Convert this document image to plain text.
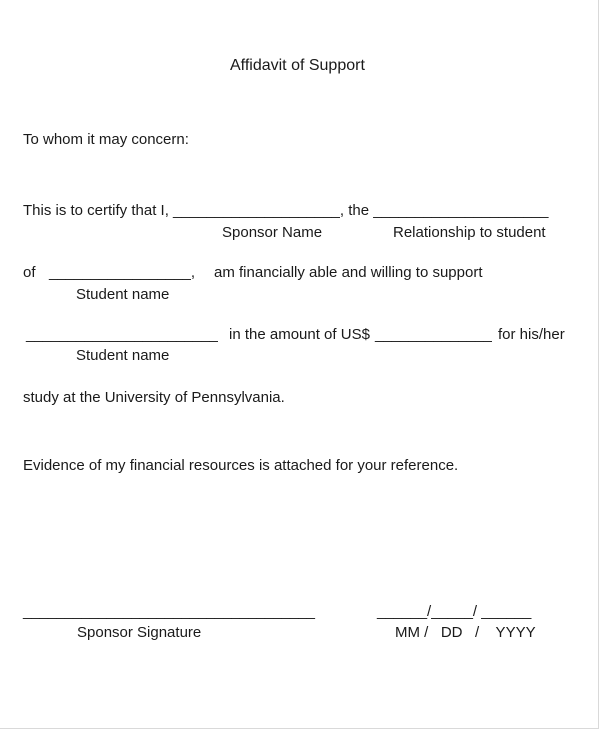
Affidavit of Support
To whom it may concern:
This is to certify that I, ____________________, the _____________________
Sponsor Name	Relationship to student
of _________________, am financially able and willing to support
Student name
_______________________ in the amount of US$ ______________ for his/her
Student name
study at the University of Pennsylvania.
Evidence of my financial resources is attached for your reference.
___________________________________	______/_____/ ______
Sponsor Signature	MM /   DD   /    YYYY
